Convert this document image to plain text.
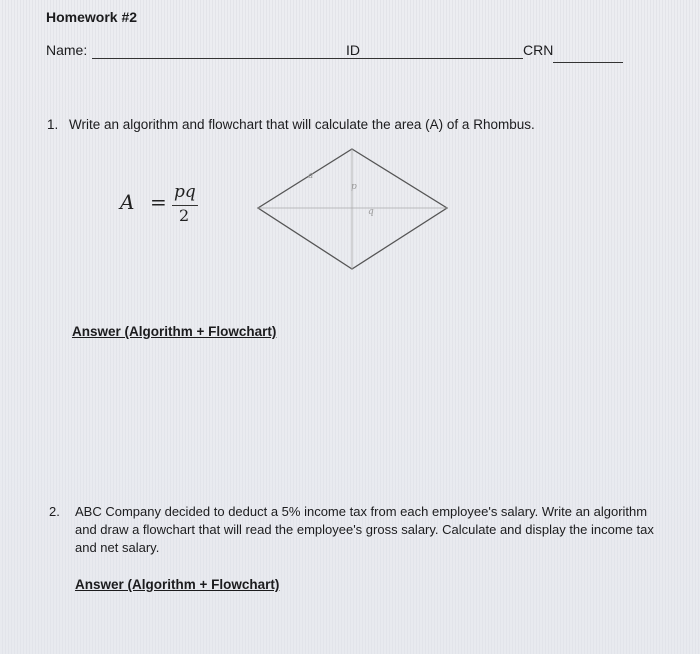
Homework #2
Name:	ID	CRN
1. Write an algorithm and flowchart that will calculate the area (A) of a Rhombus.
A = pq
2
a
p
q
Answer (Algorithm + Flowchart)
2. ABC Company decided to deduct a 5% income tax from each employee's salary. Write an algorithm and draw a flowchart that will read the employee's gross salary. Calculate and display the income tax and net salary.
Answer (Algorithm + Flowchart)
